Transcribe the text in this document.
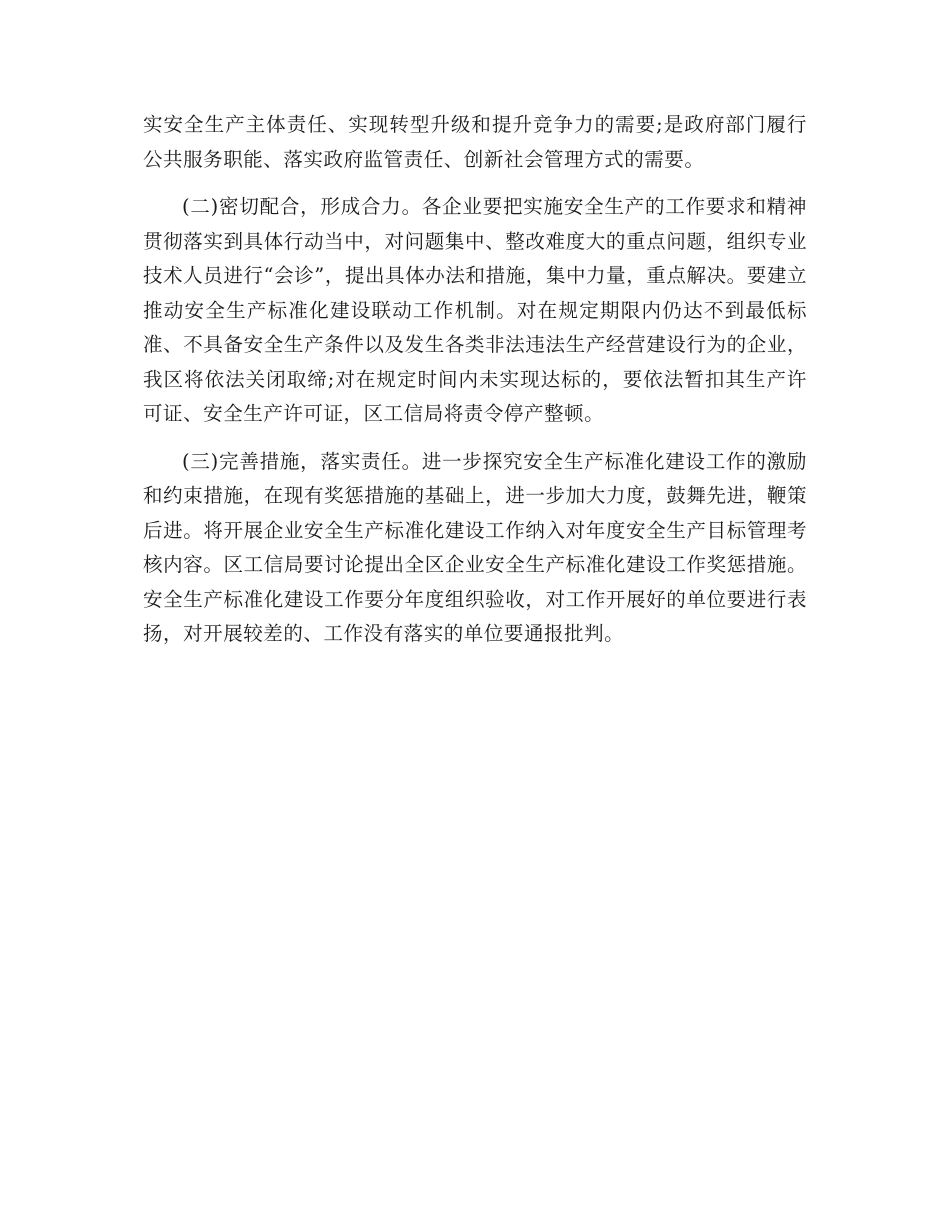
实安全生产主体责任、实现转型升级和提升竞争力的需要;是政府部门履行公共服务职能、落实政府监管责任、创新社会管理方式的需要。

(二)密切配合，形成合力。各企业要把实施安全生产的工作要求和精神贯彻落实到具体行动当中，对问题集中、整改难度大的重点问题，组织专业技术人员进行“会诊”，提出具体办法和措施，集中力量，重点解决。要建立推动安全生产标准化建设联动工作机制。对在规定期限内仍达不到最低标准、不具备安全生产条件以及发生各类非法违法生产经营建设行为的企业，我区将依法关闭取缔;对在规定时间内未实现达标的，要依法暂扣其生产许可证、安全生产许可证，区工信局将责令停产整顿。

(三)完善措施，落实责任。进一步探究安全生产标准化建设工作的激励和约束措施，在现有奖惩措施的基础上，进一步加大力度，鼓舞先进，鞭策后进。将开展企业安全生产标准化建设工作纳入对年度安全生产目标管理考核内容。区工信局要讨论提出全区企业安全生产标准化建设工作奖惩措施。安全生产标准化建设工作要分年度组织验收，对工作开展好的单位要进行表扬，对开展较差的、工作没有落实的单位要通报批判。
